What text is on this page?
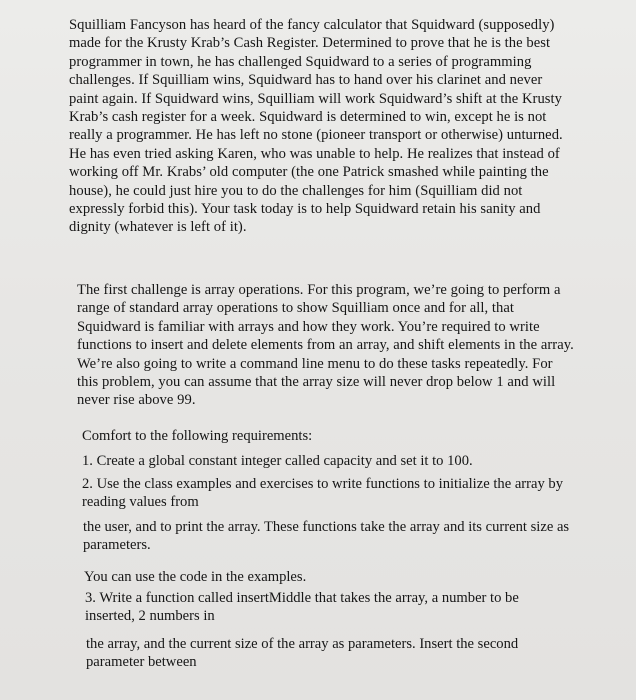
Squilliam Fancyson has heard of the fancy calculator that Squidward (supposedly) made for the Krusty Krab’s Cash Register. Determined to prove that he is the best programmer in town, he has challenged Squidward to a series of programming challenges. If Squilliam wins, Squidward has to hand over his clarinet and never paint again. If Squidward wins, Squilliam will work Squidward’s shift at the Krusty Krab’s cash register for a week. Squidward is determined to win, except he is not really a programmer. He has left no stone (pioneer transport or otherwise) unturned. He has even tried asking Karen, who was unable to help. He realizes that instead of working off Mr. Krabs’ old computer (the one Patrick smashed while painting the house), he could just hire you to do the challenges for him (Squilliam did not expressly forbid this). Your task today is to help Squidward retain his sanity and dignity (whatever is left of it).

The first challenge is array operations. For this program, we’re going to perform a range of standard array operations to show Squilliam once and for all, that Squidward is familiar with arrays and how they work. You’re required to write functions to insert and delete elements from an array, and shift elements in the array. We’re also going to write a command line menu to do these tasks repeatedly. For this problem, you can assume that the array size will never drop below 1 and will never rise above 99.

Comfort to the following requirements:

1. Create a global constant integer called capacity and set it to 100.

2. Use the class examples and exercises to write functions to initialize the array by reading values from

the user, and to print the array. These functions take the array and its current size as parameters.

You can use the code in the examples.

3. Write a function called insertMiddle that takes the array, a number to be inserted, 2 numbers in

the array, and the current size of the array as parameters. Insert the second parameter between
